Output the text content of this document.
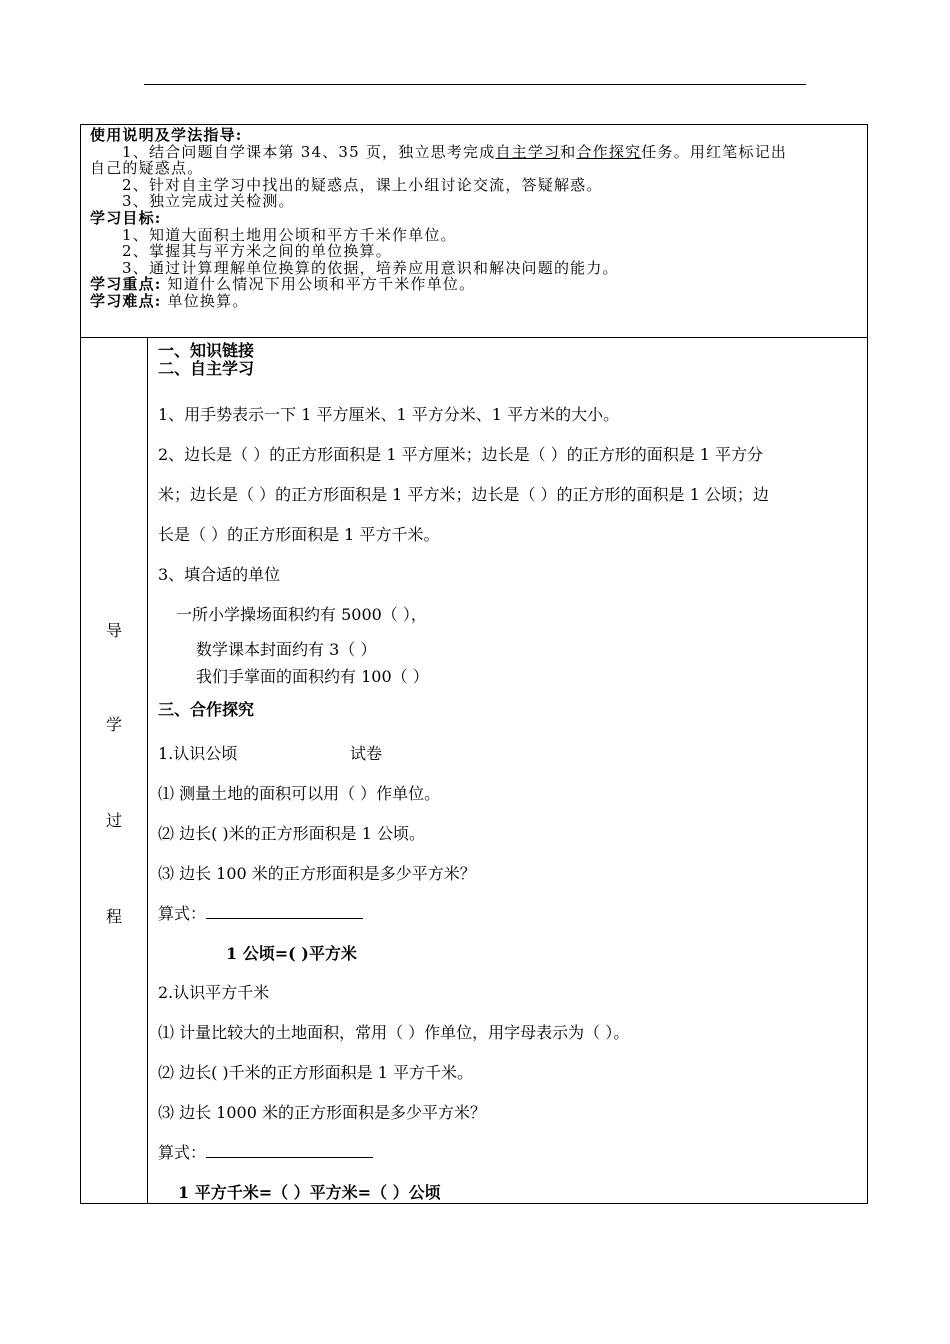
使用说明及学法指导:

1、结合问题自学课本第 34、35 页，独立思考完成自主学习和合作探究任务。用红笔标记出

自己的疑惑点。

2、针对自主学习中找出的疑惑点，课上小组讨论交流，答疑解惑。

3、独立完成过关检测。

学习目标:

1、知道大面积土地用公顷和平方千米作单位。

2、掌握其与平方米之间的单位换算。

3、通过计算理解单位换算的依据，培养应用意识和解决问题的能力。

学习重点: 知道什么情况下用公顷和平方千米作单位。

学习难点: 单位换算。

导
学
过
程
一、知识链接
二、自主学习
1、用手势表示一下 1 平方厘米、1 平方分米、1 平方米的大小。
2、边长是（ ）的正方形面积是 1 平方厘米；边长是（ ）的正方形的面积是 1 平方分
米；边长是（ ）的正方形面积是 1 平方米；边长是（ ）的正方形的面积是 1 公顷；边
长是（ ）的正方形面积是 1 平方千米。
3、填合适的单位
一所小学操场面积约有 5000（ ），
数学课本封面约有 3（ ）
我们手掌面的面积约有 100（ ）
三、合作探究
1.认识公顷	试卷
⑴ 测量土地的面积可以用（ ）作单位。
⑵ 边长( )米的正方形面积是 1 公顷。
⑶ 边长 100 米的正方形面积是多少平方米？
算式：
1 公顷=( )平方米
2.认识平方千米
⑴ 计量比较大的土地面积，常用（ ）作单位，用字母表示为（ ）。
⑵ 边长( )千米的正方形面积是 1 平方千米。
⑶ 边长 1000 米的正方形面积是多少平方米？
算式：
1 平方千米=（ ）平方米=（ ）公顷
